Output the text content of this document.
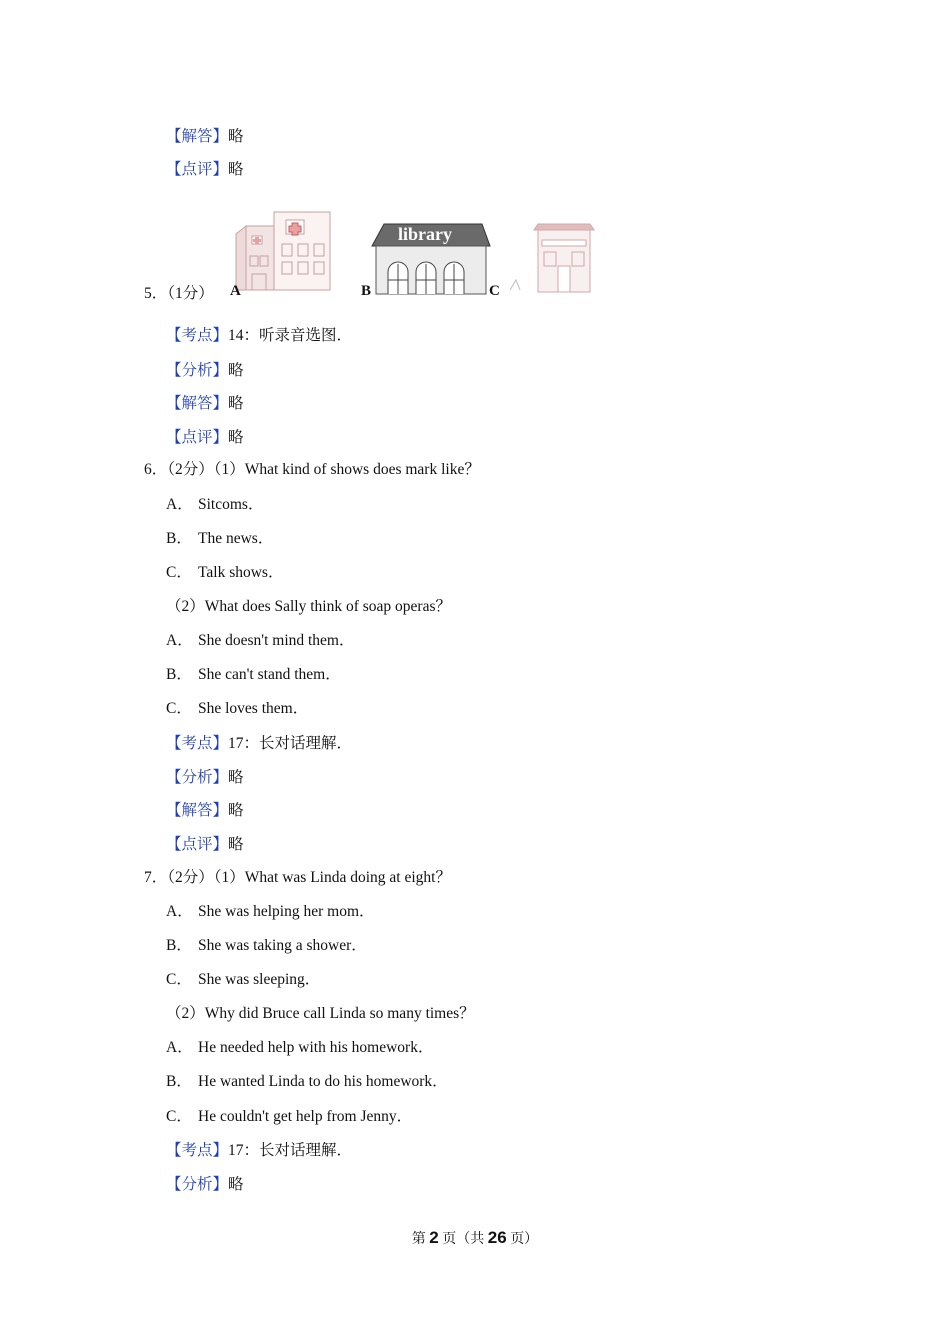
【解答】略
【点评】略
5．（1分） A
library
B	C
【考点】14：听录音选图．
【分析】略
【解答】略
【点评】略
6．（2分）（1）What kind of shows does mark like？
A． Sitcoms．
B． The news．
C． Talk shows．
（2）What does Sally think of soap operas？
A． She doesn't mind them．
B． She can't stand them．
C． She loves them．
【考点】17：长对话理解．
【分析】略
【解答】略
【点评】略
7．（2分）（1）What was Linda doing at eight？
A． She was helping her mom．
B． She was taking a shower．
C． She was sleeping．
（2）Why did Bruce call Linda so many times？
A． He needed help with his homework．
B． He wanted Linda to do his homework．
C． He couldn't get help from Jenny．
【考点】17：长对话理解．
【分析】略
第 2 页（共 26 页）
